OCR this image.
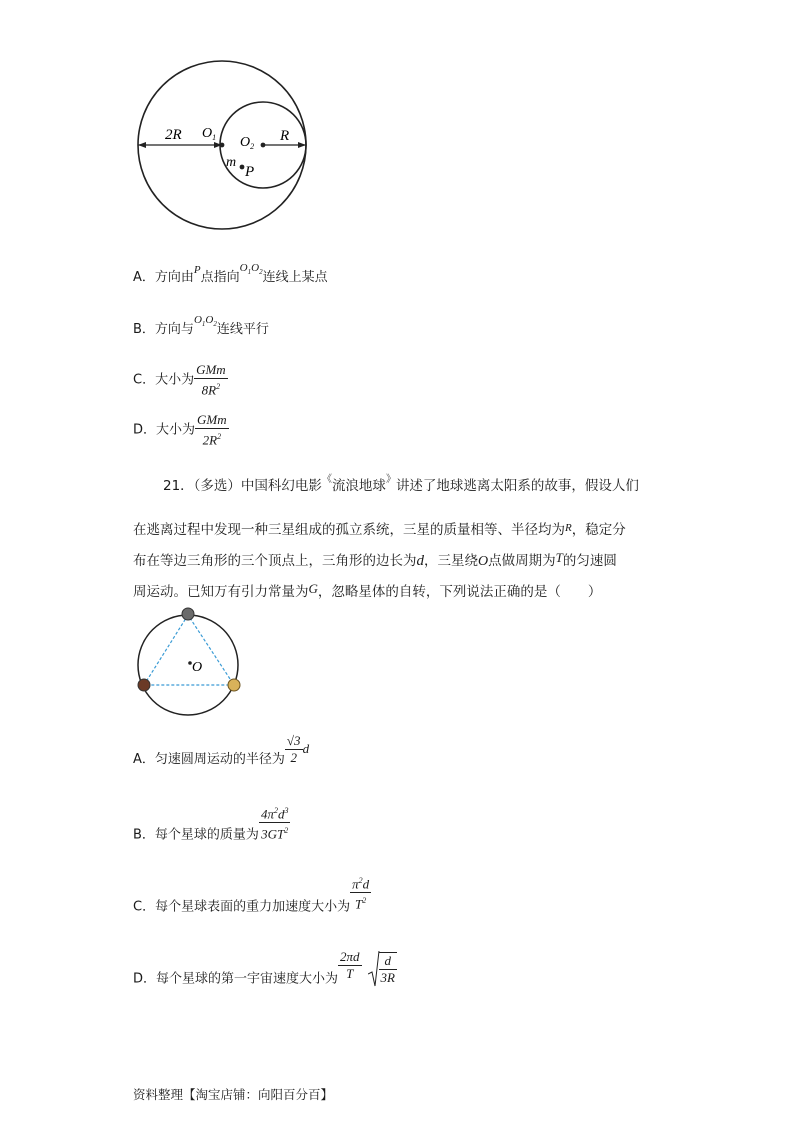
2R $O_1$ $O_2$
R
m
P
A．方向由$^P$点指向$^{O_1O_2}$连线上某点
B．方向与$^{O_1O_2}$连线平行
C．大小为 $\frac{\text{GMm}}{8R^2}$
D．大小为 $\frac{\text{GMm}}{2R^2}$
21．（多选）中国科幻电影《流浪地球》讲述了地球逃离太阳系的故事，假设人们
在逃离过程中发现一种三星组成的孤立系统，三星的质量相等、半径均为$^R$，稳定分
布在等边三角形的三个顶点上，三角形的边长为d，三星绕O点做周期为T的匀速圆
周运动。已知万有引力常量为G，忽略星体的自转，下列说法正确的是（　　）
O
A．匀速圆周运动的半径为 $\frac{√3}{2}$ d
B．每个星球的质量为 $\frac{4\pi^2d^3}{3GT^2}$
C．每个星球表面的重力加速度大小为 $\frac{\pi^2d}{T^2}$
D．每个星球的第一宇宙速度大小为 $\frac{2\pi d}{T} \frac{d}{3R}$
资料整理【淘宝店铺：向阳百分百】
